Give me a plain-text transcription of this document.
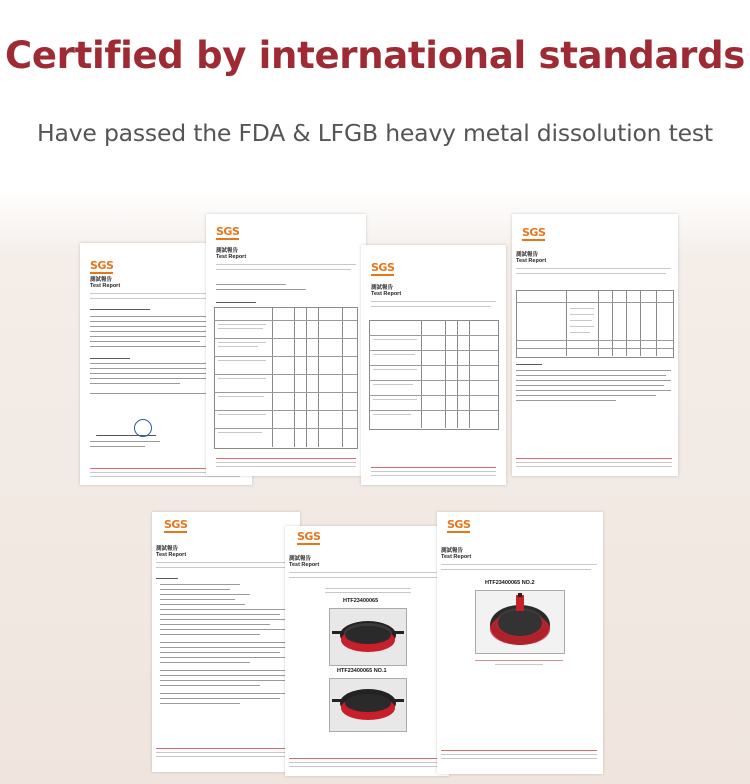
Certified by international standards
Have passed the FDA & LFGB heavy metal dissolution test
SGS
測試報告
Test Report
SGS
測試報告
Test Report
SGS
測試報告
Test Report
SGS
測試報告
Test Report
SGS
測試報告
Test Report
SGS
測試報告
Test Report
HTF23400065
HTF23400065 NO.1
SGS
測試報告
Test Report
HTF23400065 NO.2
